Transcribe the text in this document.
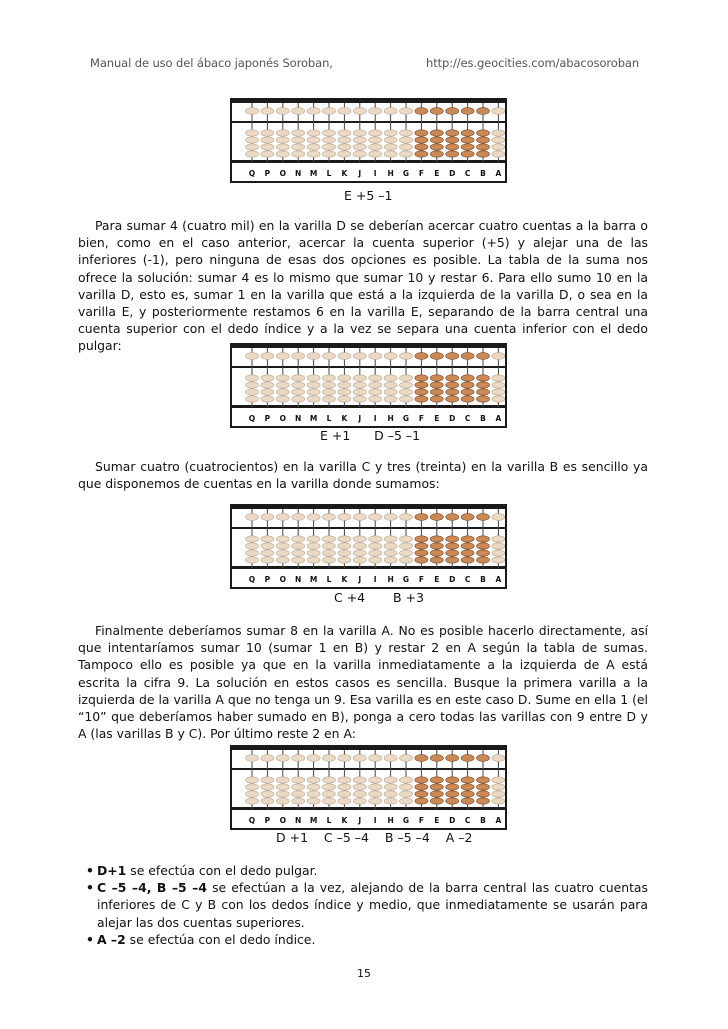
Manual de uso del ábaco japonés Soroban,	http://es.geocities.com/abacosoroban
Q	P	O	N	M	L	K	J	I	H	G	F	E	D	C	B	A
E +5 –1
Para sumar 4 (cuatro mil) en la varilla D se deberían acercar cuatro cuentas a la barra o bien, como en el caso anterior, acercar la cuenta superior (+5) y alejar una de las inferiores (-1), pero ninguna de esas dos opciones es posible. La tabla de la suma nos ofrece la solución: sumar 4 es lo mismo que sumar 10 y restar 6. Para ello sumo 10 en la varilla D, esto es, sumar 1 en la varilla que está a la izquierda de la varilla D, o sea en la varilla E, y posteriormente restamos 6 en la varilla E, separando de la barra central una cuenta superior con el dedo índice y a la vez se separa una cuenta inferior con el dedo pulgar:
Q	P	O	N	M	L	K	J	I	H	G	F	E	D	C	B	A
E +1      D –5 –1
Sumar cuatro (cuatrocientos) en la varilla C y tres (treinta) en la varilla B es sencillo ya que disponemos de cuentas en la varilla donde sumamos:
Q	P	O	N	M	L	K	J	I	H	G	F	E	D	C	B	A
C +4       B +3
Finalmente deberíamos sumar 8 en la varilla A. No es posible hacerlo directamente, así que intentaríamos sumar 10 (sumar 1 en B) y restar 2 en A según la tabla de sumas. Tampoco ello es posible ya que en la varilla inmediatamente a la izquierda de A está escrita la cifra 9. La solución en estos casos es sencilla. Busque la primera varilla a la izquierda de la varilla A que no tenga un 9. Esa varilla es en este caso D. Sume en ella 1 (el “10” que deberíamos haber sumado en B), ponga a cero todas las varillas con 9 entre D y A (las varillas B y C). Por último reste 2 en A:
Q	P	O	N	M	L	K	J	I	H	G	F	E	D	C	B	A
D +1    C –5 –4    B –5 –4    A –2
• D+1 se efectúa con el dedo pulgar.
• C –5 –4, B –5 –4 se efectúan a la vez, alejando de la barra central las cuatro cuentas inferiores de C y B con los dedos índice y medio, que inmediatamente se usarán para alejar las dos cuentas superiores.
• A –2 se efectúa con el dedo índice.
15
